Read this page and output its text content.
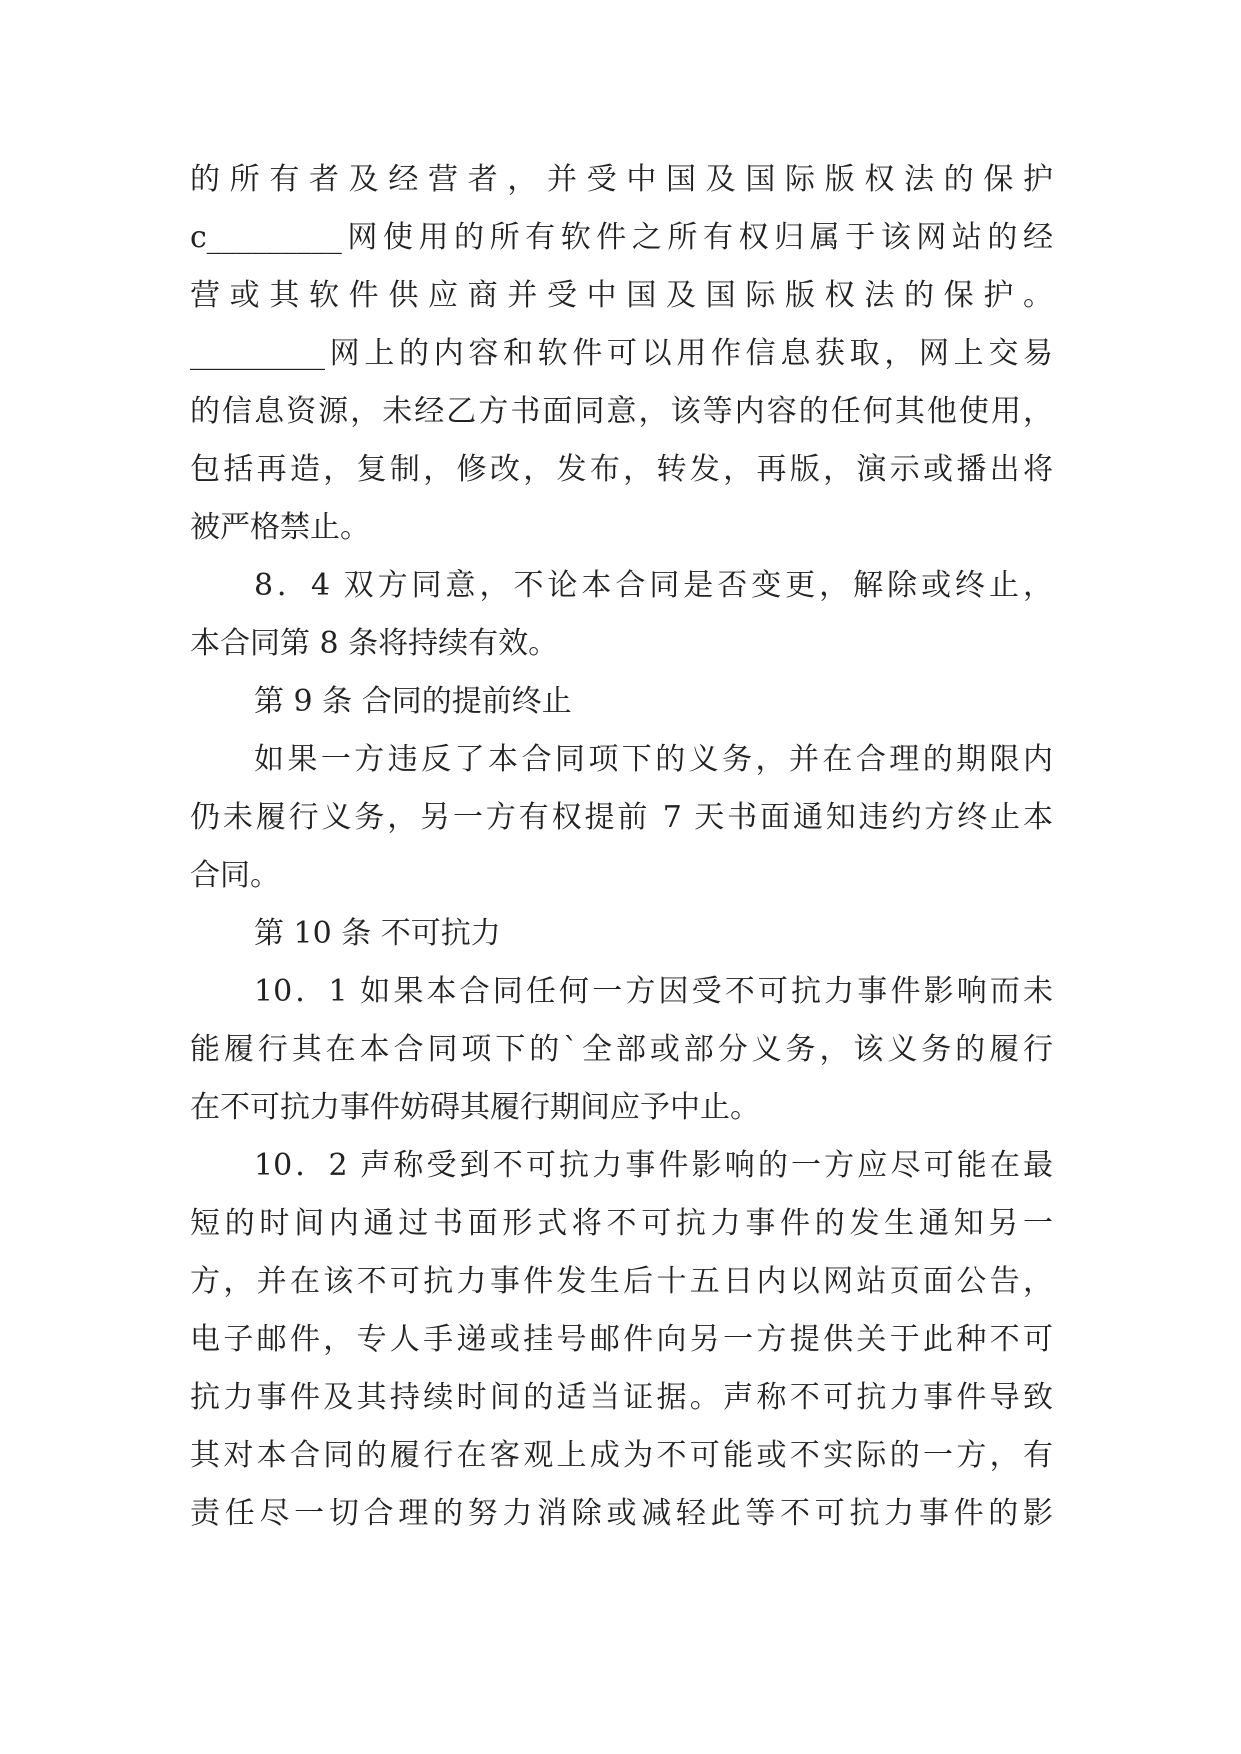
的所有者及经营者，并受中国及国际版权法的保护
c_________网使用的所有软件之所有权归属于该网站的经
营或其软件供应商并受中国及国际版权法的保护。
_________网上的内容和软件可以用作信息获取，网上交易
的信息资源，未经乙方书面同意，该等内容的任何其他使用，
包括再造，复制，修改，发布，转发，再版，演示或播出将
被严格禁止。
8．4 双方同意，不论本合同是否变更，解除或终止，
本合同第 8 条将持续有效。
第 9 条 合同的提前终止
如果一方违反了本合同项下的义务，并在合理的期限内
仍未履行义务，另一方有权提前 7 天书面通知违约方终止本
合同。
第 10 条 不可抗力
10．1 如果本合同任何一方因受不可抗力事件影响而未
能履行其在本合同项下的`全部或部分义务，该义务的履行
在不可抗力事件妨碍其履行期间应予中止。
10．2 声称受到不可抗力事件影响的一方应尽可能在最
短的时间内通过书面形式将不可抗力事件的发生通知另一
方，并在该不可抗力事件发生后十五日内以网站页面公告，
电子邮件，专人手递或挂号邮件向另一方提供关于此种不可
抗力事件及其持续时间的适当证据。声称不可抗力事件导致
其对本合同的履行在客观上成为不可能或不实际的一方，有
责任尽一切合理的努力消除或减轻此等不可抗力事件的影
